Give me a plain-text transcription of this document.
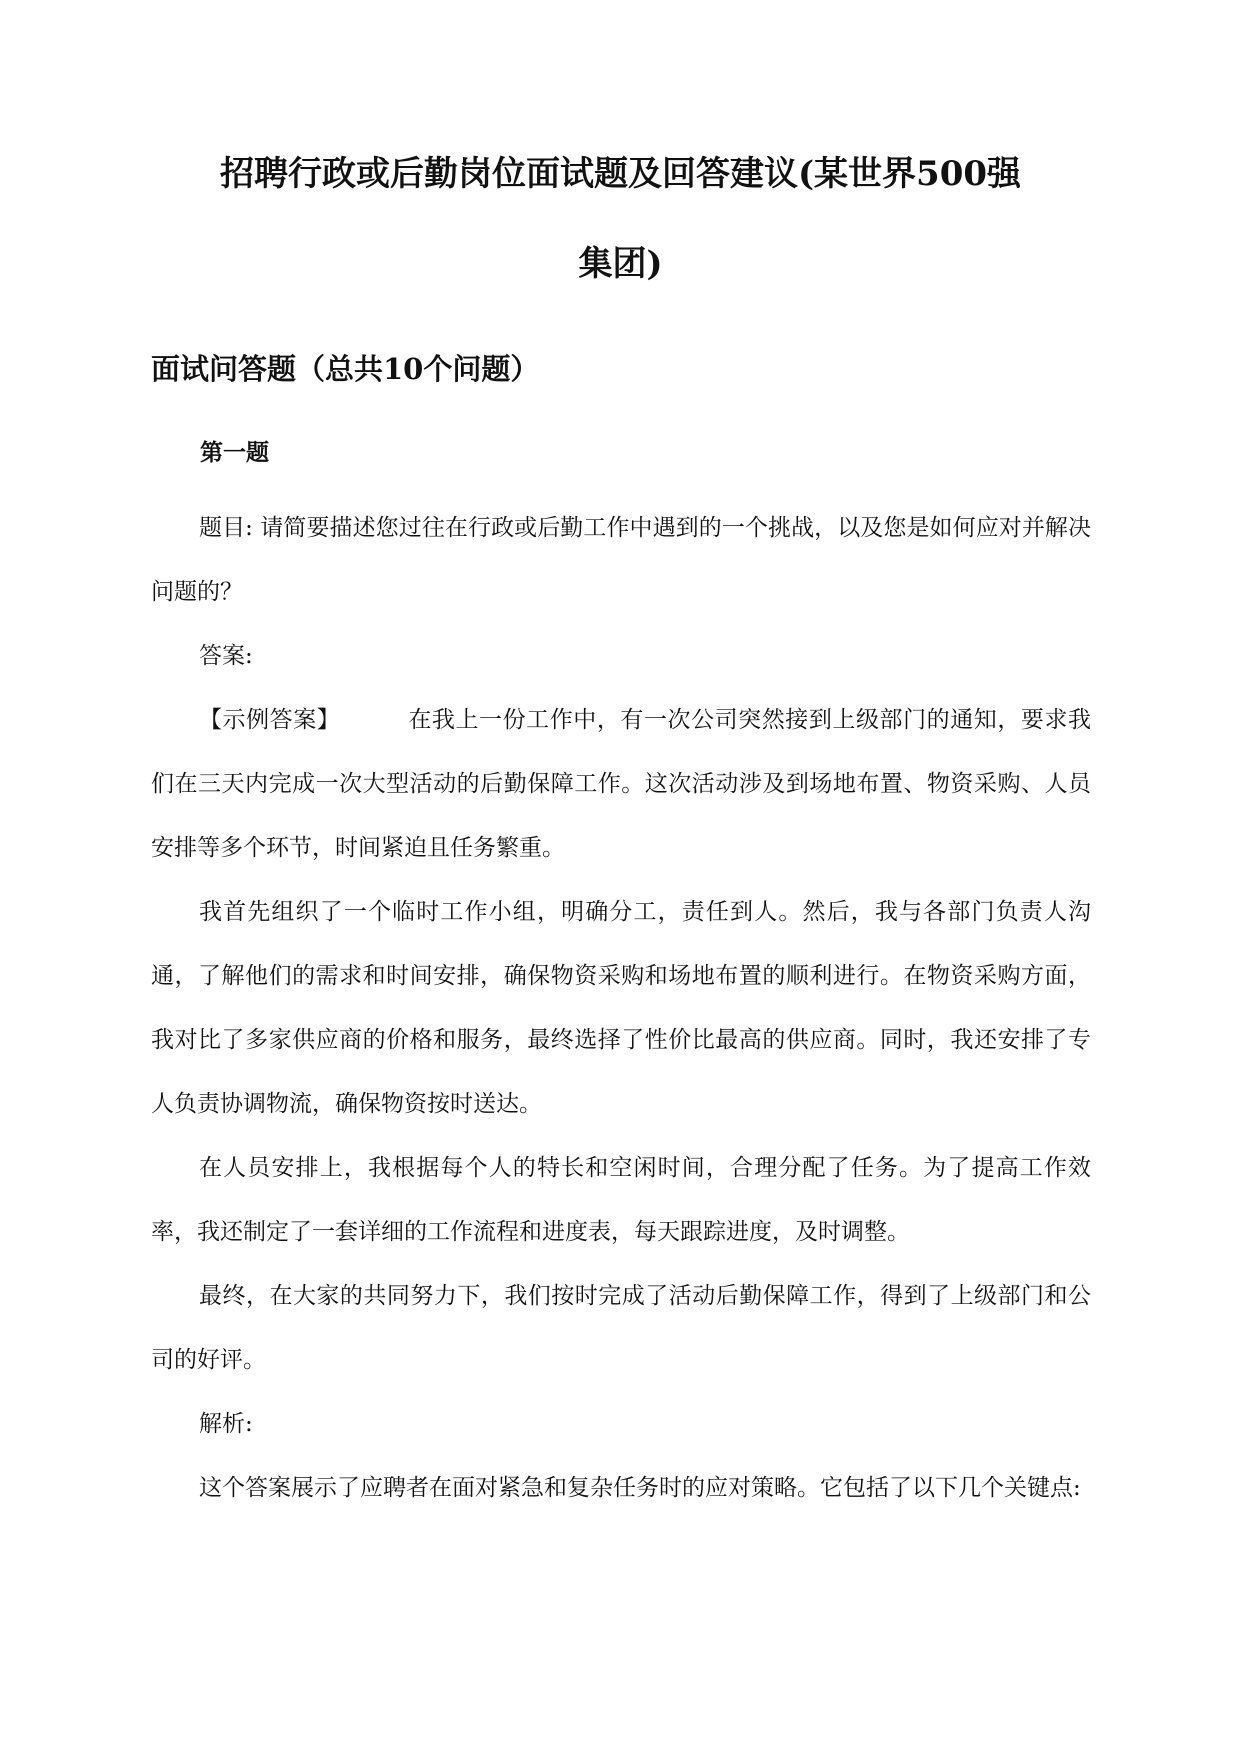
招聘行政或后勤岗位面试题及回答建议(某世界500强
集团)
面试问答题（总共10个问题）
第一题

题目: 请简要描述您过往在行政或后勤工作中遇到的一个挑战，以及您是如何应对并解决问题的？

答案:

【示例答案】	在我上一份工作中，有一次公司突然接到上级部门的通知，要求我们在三天内完成一次大型活动的后勤保障工作。这次活动涉及到场地布置、物资采购、人员安排等多个环节，时间紧迫且任务繁重。

我首先组织了一个临时工作小组，明确分工，责任到人。然后，我与各部门负责人沟通，了解他们的需求和时间安排，确保物资采购和场地布置的顺利进行。在物资采购方面，我对比了多家供应商的价格和服务，最终选择了性价比最高的供应商。同时，我还安排了专人负责协调物流，确保物资按时送达。

在人员安排上，我根据每个人的特长和空闲时间，合理分配了任务。为了提高工作效率，我还制定了一套详细的工作流程和进度表，每天跟踪进度，及时调整。

最终，在大家的共同努力下，我们按时完成了活动后勤保障工作，得到了上级部门和公司的好评。

解析:

这个答案展示了应聘者在面对紧急和复杂任务时的应对策略。它包括了以下几个关键点:
